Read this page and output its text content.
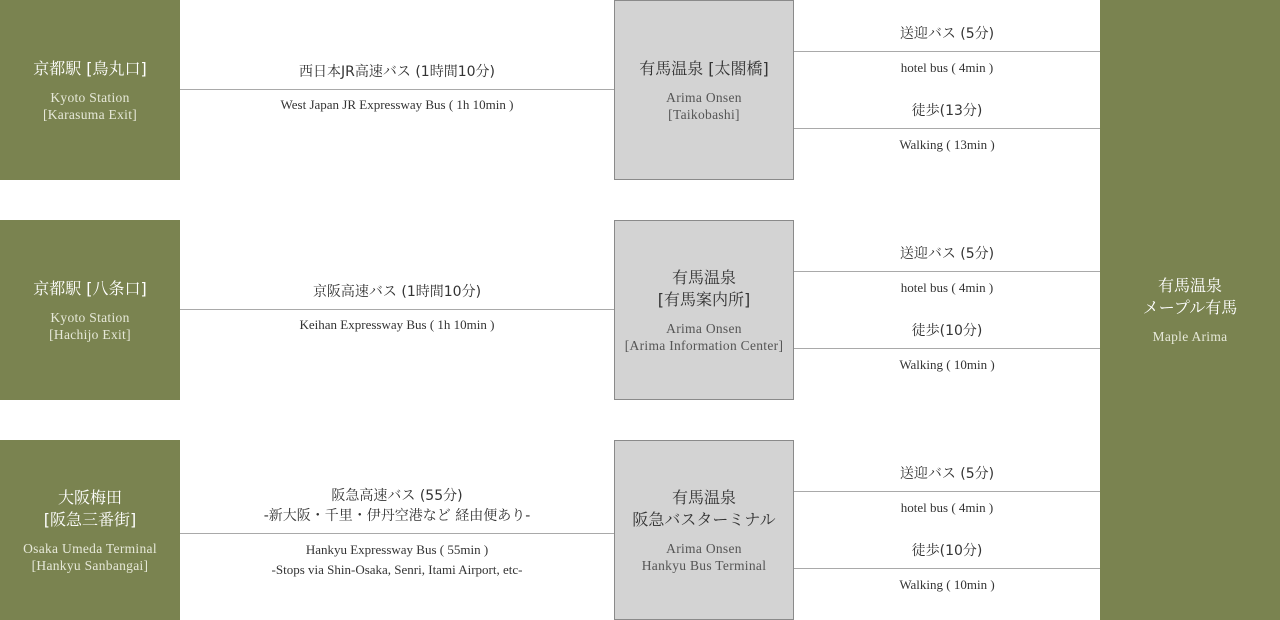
京都駅 [鳥丸口]
Kyoto Station
[Karasuma Exit]
西日本JR高速バス (1時間10分)
West Japan JR Expressway Bus ( 1h 10min )
有馬温泉 [太閤橋]
Arima Onsen
[Taikobashi]
送迎バス (5分)
hotel bus ( 4min )
徒歩(13分)
Walking ( 13min )
京都駅 [八条口]
Kyoto Station
[Hachijo Exit]
京阪高速バス (1時間10分)
Keihan Expressway Bus ( 1h 10min )
有馬温泉
[有馬案内所]
Arima Onsen
[Arima Information Center]
送迎バス (5分)
hotel bus ( 4min )
徒歩(10分)
Walking ( 10min )
大阪梅田
[阪急三番街]
Osaka Umeda Terminal
[Hankyu Sanbangai]
阪急高速バス (55分)
-新大阪・千里・伊丹空港など 経由便あり-
Hankyu Expressway Bus ( 55min )
-Stops via Shin-Osaka, Senri, Itami Airport, etc-
有馬温泉
阪急バスターミナル
Arima Onsen
Hankyu Bus Terminal
送迎バス (5分)
hotel bus ( 4min )
徒歩(10分)
Walking ( 10min )
有馬温泉
メープル有馬
Maple Arima
